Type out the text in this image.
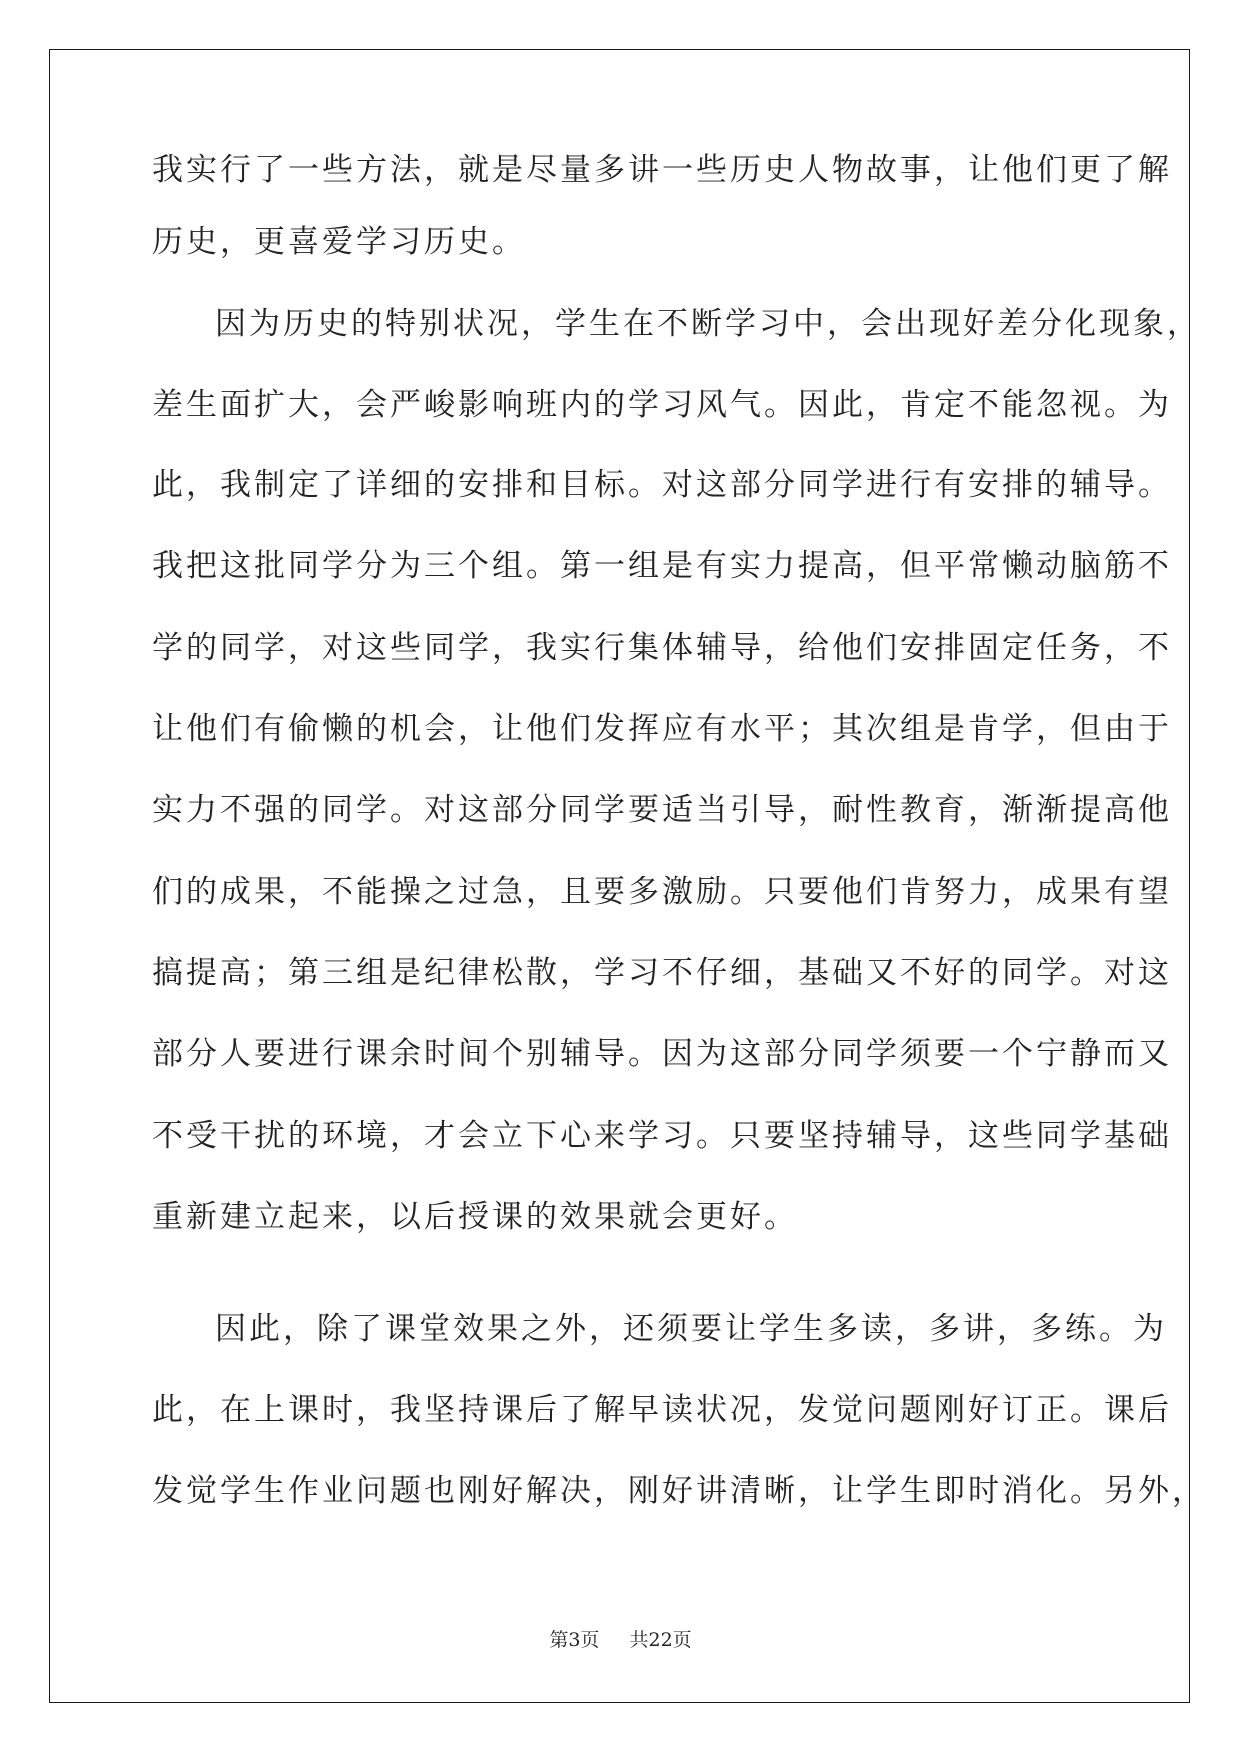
我实行了一些方法，就是尽量多讲一些历史人物故事，让他们更了解

历史，更喜爱学习历史。

因为历史的特别状况，学生在不断学习中，会出现好差分化现象，

差生面扩大，会严峻影响班内的学习风气。因此，肯定不能忽视。为

此，我制定了详细的安排和目标。对这部分同学进行有安排的辅导。

我把这批同学分为三个组。第一组是有实力提高，但平常懒动脑筋不

学的同学，对这些同学，我实行集体辅导，给他们安排固定任务，不

让他们有偷懒的机会，让他们发挥应有水平；其次组是肯学，但由于

实力不强的同学。对这部分同学要适当引导，耐性教育，渐渐提高他

们的成果，不能操之过急，且要多激励。只要他们肯努力，成果有望

搞提高；第三组是纪律松散，学习不仔细，基础又不好的同学。对这

部分人要进行课余时间个别辅导。因为这部分同学须要一个宁静而又

不受干扰的环境，才会立下心来学习。只要坚持辅导，这些同学基础

重新建立起来，以后授课的效果就会更好。

因此，除了课堂效果之外，还须要让学生多读，多讲，多练。为

此，在上课时，我坚持课后了解早读状况，发觉问题刚好订正。课后

发觉学生作业问题也刚好解决，刚好讲清晰，让学生即时消化。另外，

第3页 共22页
